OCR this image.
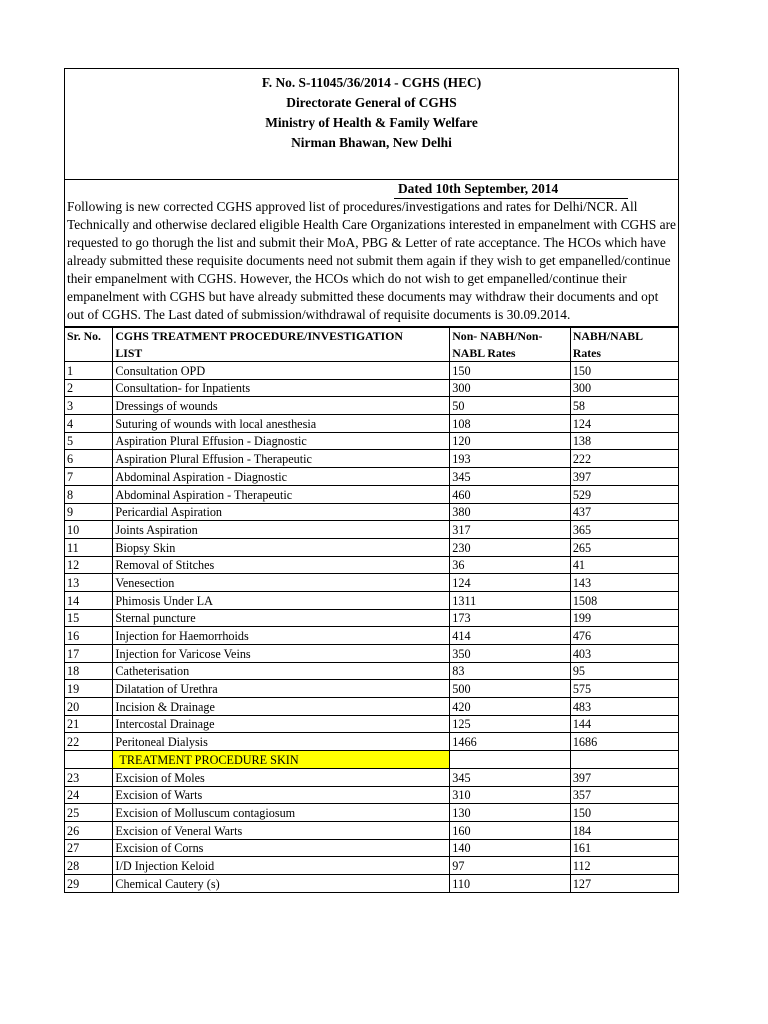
F. No. S-11045/36/2014 - CGHS (HEC)
Directorate General of CGHS
Ministry of Health & Family Welfare
Nirman Bhawan, New Delhi
Dated 10th September, 2014
Following is new corrected CGHS approved list of procedures/investigations and rates for Delhi/NCR. All Technically and otherwise declared eligible Health Care Organizations interested in empanelment with CGHS are requested to go thorugh the list and submit their MoA, PBG & Letter of rate acceptance. The HCOs which have already submitted these requisite documents need not submit them again if they wish to get empanelled/continue their empanelment with CGHS. However, the HCOs which do not wish to get empanelled/continue their empanelment with CGHS but have already submitted these documents may withdraw their documents and opt out of CGHS. The Last dated of submission/withdrawal of requisite documents is 30.09.2014.
Sr. No.	CGHS TREATMENT PROCEDURE/INVESTIGATION	Non- NABH/Non-	NABH/NABL
	LIST	NABL Rates	Rates
1	Consultation OPD	150	150
2	Consultation- for Inpatients	300	300
3	Dressings of wounds	50	58
4	Suturing of wounds with local anesthesia	108	124
5	Aspiration Plural Effusion - Diagnostic	120	138
6	Aspiration Plural Effusion - Therapeutic	193	222
7	Abdominal Aspiration - Diagnostic	345	397
8	Abdominal Aspiration - Therapeutic	460	529
9	Pericardial Aspiration	380	437
10	Joints Aspiration	317	365
11	Biopsy Skin	230	265
12	Removal of Stitches	36	41
13	Venesection	124	143
14	Phimosis Under LA	1311	1508
15	Sternal puncture	173	199
16	Injection for Haemorrhoids	414	476
17	Injection for Varicose Veins	350	403
18	Catheterisation	83	95
19	Dilatation of Urethra	500	575
20	Incision & Drainage	420	483
21	Intercostal Drainage	125	144
22	Peritoneal Dialysis	1466	1686
	TREATMENT PROCEDURE SKIN		
23	Excision of Moles	345	397
24	Excision of Warts	310	357
25	Excision of Molluscum contagiosum	130	150
26	Excision of Veneral Warts	160	184
27	Excision of Corns	140	161
28	I/D Injection Keloid	97	112
29	Chemical Cautery (s)	110	127
